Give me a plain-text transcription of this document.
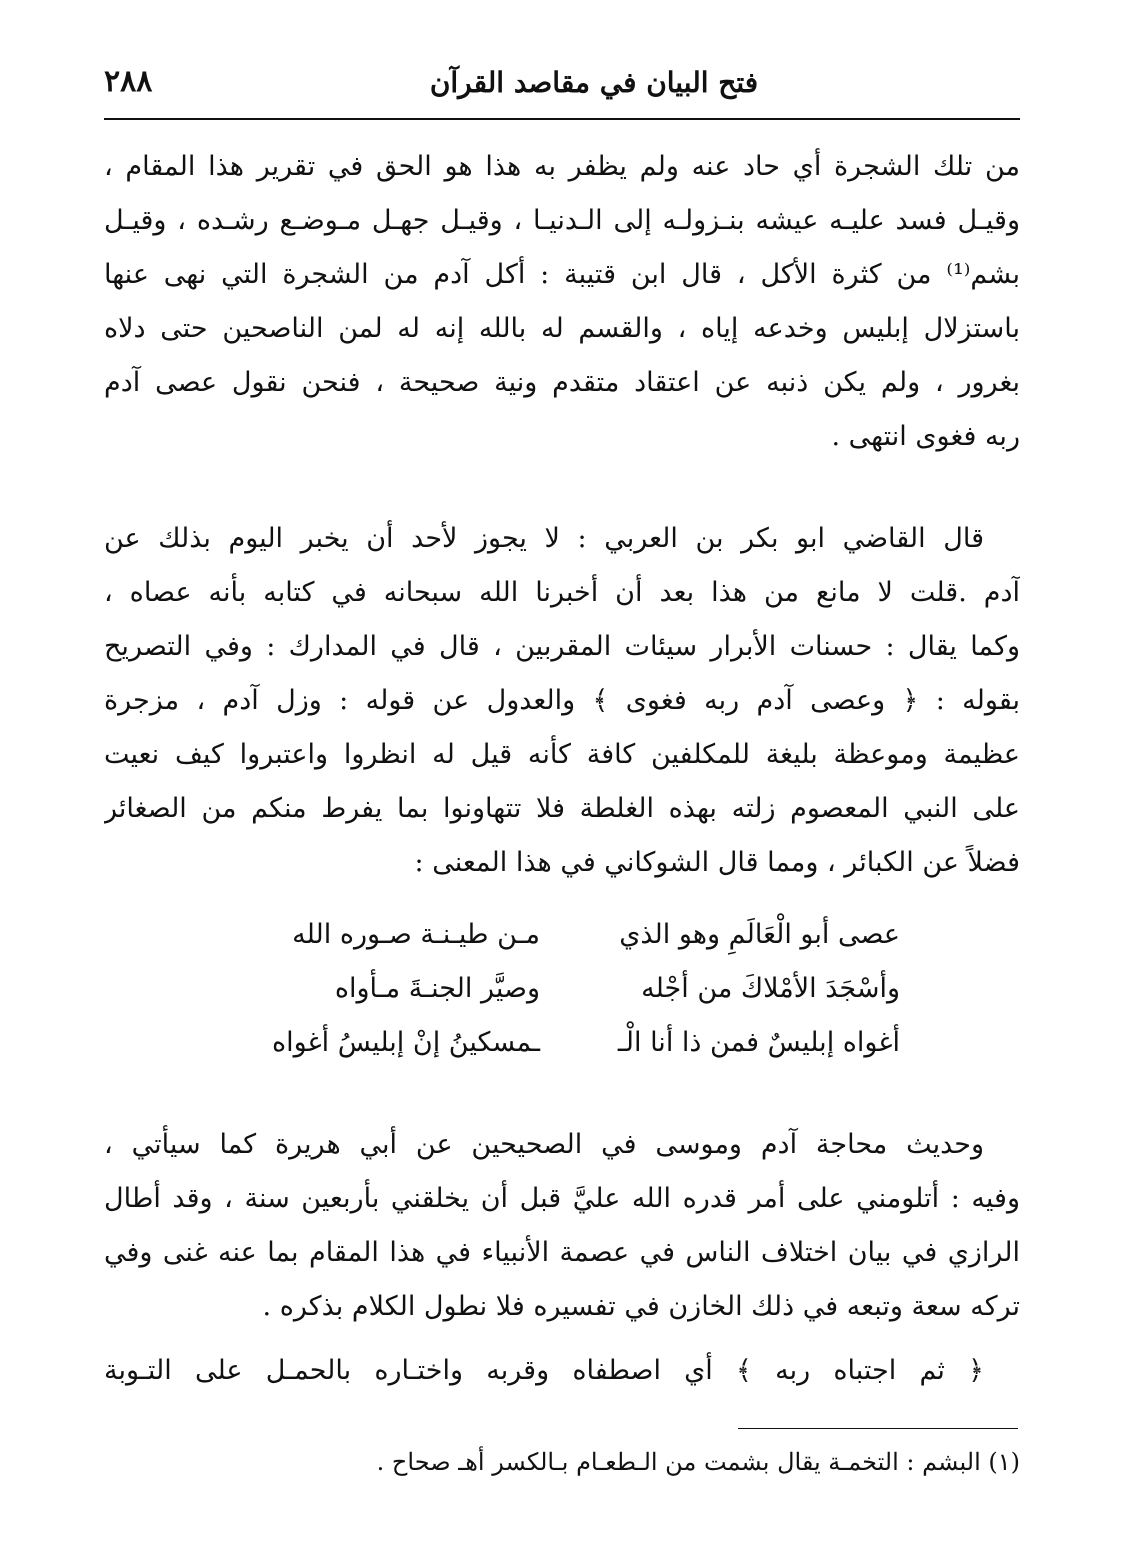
٢٨٨	فتح البيان في مقاصد القرآن
من تلك الشجرة أي حاد عنه ولم يظفر به هذا هو الحق في تقرير هذا المقام ،
وقيـل فسد عليـه عيشه بنـزولـه إلى الـدنيـا ، وقيـل جهـل مـوضـع رشـده ، وقيـل
بشم⁽¹⁾ من كثرة الأكل ، قال ابن قتيبة : أكل آدم من الشجرة التي نهى عنها
باستزلال إبليس وخدعه إياه ، والقسم له بالله إنه له لمن الناصحين حتى دلاه
بغرور ، ولم يكن ذنبه عن اعتقاد متقدم ونية صحيحة ، فنحن نقول عصى آدم
ربه فغوى انتهى .
قال القاضي ابو بكر بن العربي : لا يجوز لأحد أن يخبر اليوم بذلك عن
آدم .قلت لا مانع من هذا بعد أن أخبرنا الله سبحانه في كتابه بأنه عصاه ،
وكما يقال : حسنات الأبرار سيئات المقربين ، قال في المدارك : وفي التصريح
بقوله : ﴿ وعصى آدم ربه فغوى ﴾ والعدول عن قوله : وزل آدم ، مزجرة
عظيمة وموعظة بليغة للمكلفين كافة كأنه قيل له انظروا واعتبروا كيف نعيت
على النبي المعصوم زلته بهذه الغلطة فلا تتهاونوا بما يفرط منكم من الصغائر
فضلاً عن الكبائر ، ومما قال الشوكاني في هذا المعنى :
عصى أبو الْعَالَمِ وهو الذيمـن طيـنـة صـوره الله
وأسْجَدَ الأمْلاكَ من أجْلهوصيَّر الجنـةَ مـأواه
أغواه إبليسٌ فمن ذا أنا الْــمسكينُ إنْ إبليسُ أغواه
وحديث محاجة آدم وموسى في الصحيحين عن أبي هريرة كما سيأتي ،
وفيه : أتلومني على أمر قدره الله عليَّ قبل أن يخلقني بأربعين سنة ، وقد أطال
الرازي في بيان اختلاف الناس في عصمة الأنبياء في هذا المقام بما عنه غنى وفي
تركه سعة وتبعه في ذلك الخازن في تفسيره فلا نطول الكلام بذكره .
﴿ ثم اجتباه ربه ﴾ أي اصطفاه وقربه واختـاره بالحمـل على التـوبة
(١) البشم : التخمـة يقال بشمت من الـطعـام بـالكسر أهـ صحاح .
